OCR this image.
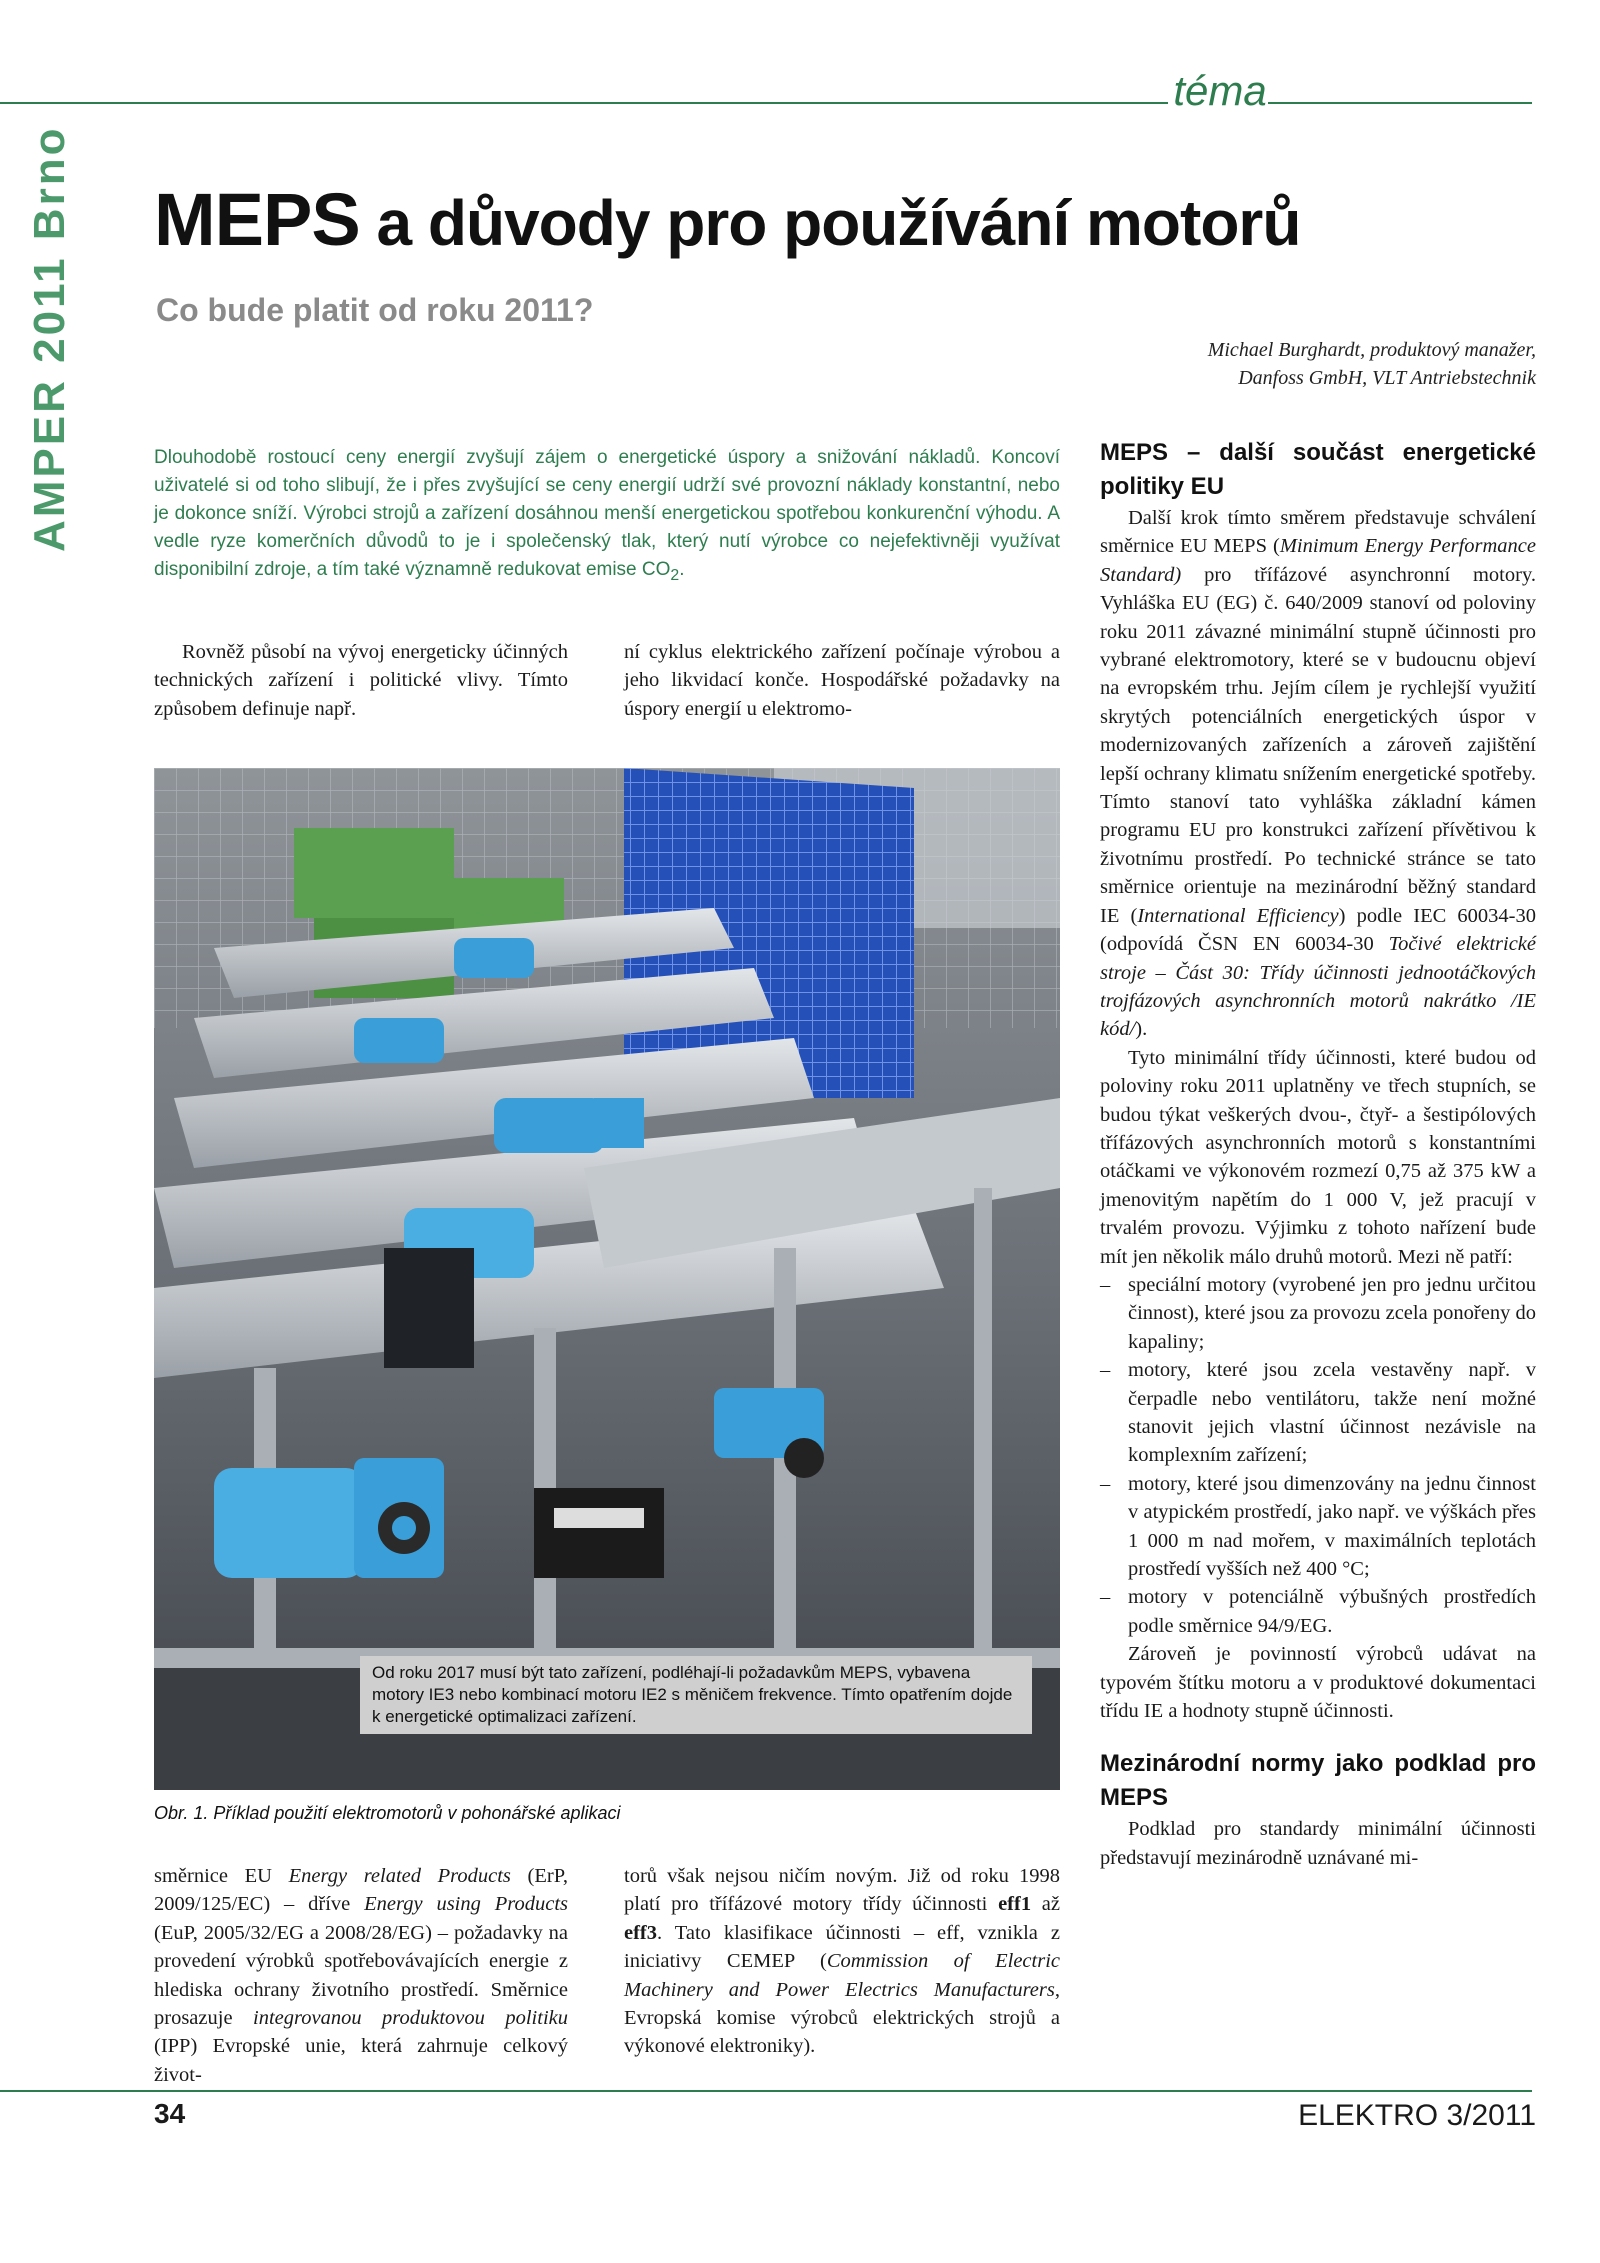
téma
AMPER 2011 Brno MEPS a důvody pro používání motorů
Co bude platit od roku 2011?
Michael Burghardt, produktový manažer,
Danfoss GmbH, VLT Antriebstechnik
Dlouhodobě rostoucí ceny energií zvyšují zájem o energetické úspory a snižování nákladů. Koncoví uživatelé si od toho slibují, že i přes zvyšující se ceny energií udrží své provozní náklady konstantní, nebo je dokonce sníží. Výrobci strojů a zařízení dosáhnou menší energetickou spotřebou konkurenční výhodu. A vedle ryze komerčních důvodů to je i společenský tlak, který nutí výrobce co nejefektivněji využívat disponibilní zdroje, a tím také významně redukovat emise $CO_2$.

Rovněž působí na vývoj energeticky účinných technických zařízení i politické vlivy. Tímto způsobem definuje např.

ní cyklus elektrického zařízení počínaje výrobou a jeho likvidací konče. Hospodářské požadavky na úspory energií u elektromo-

Od roku 2017 musí být tato zařízení, podléhají-li požadavkům MEPS, vybavena motory IE3 nebo kombinací motoru IE2 s měničem frekvence. Tímto opatřením dojde k energetické optimalizaci zařízení.
Obr. 1. Příklad použití elektromotorů v pohonářské aplikaci

směrnice EU Energy related Products (ErP, 2009/125/EC) – dříve Energy using Products (EuP, 2005/32/EG a 2008/28/EG) – požadavky na provedení výrobků spotřebovávajících energie z hlediska ochrany životního prostředí. Směrnice prosazuje integrovanou produktovou politiku (IPP) Evropské unie, která zahrnuje celkový život-

torů však nejsou ničím novým. Již od roku 1998 platí pro třífázové motory třídy účinnosti eff1 až eff3. Tato klasifikace účinnosti – eff, vznikla z iniciativy CEMEP (Commission of Electric Machinery and Power Electrics Manufacturers, Evropská komise výrobců elektrických strojů a výkonové elektroniky).

MEPS – další součást energetické politiky EU

Další krok tímto směrem představuje schválení směrnice EU MEPS (Minimum Energy Performance Standard) pro třífázové asynchronní motory. Vyhláška EU (EG) č. 640/2009 stanoví od poloviny roku 2011 závazné minimální stupně účinnosti pro vybrané elektromotory, které se v budoucnu objeví na evropském trhu. Jejím cílem je rychlejší využití skrytých potenciálních energetických úspor v modernizovaných zařízeních a zároveň zajištění lepší ochrany klimatu snížením energetické spotřeby. Tímto stanoví tato vyhláška základní kámen programu EU pro konstrukci zařízení přívětivou k životnímu prostředí. Po technické stránce se tato směrnice orientuje na mezinárodní běžný standard IE (International Efficiency) podle IEC 60034-30 (odpovídá ČSN EN 60034-30 Točivé elektrické stroje – Část 30: Třídy účinnosti jednootáčkových trojfázových asynchronních motorů nakrátko /IE kód/).

Tyto minimální třídy účinnosti, které budou od poloviny roku 2011 uplatněny ve třech stupních, se budou týkat veškerých dvou-, čtyř- a šestipólových třífázových asynchronních motorů s konstantními otáčkami ve výkonovém rozmezí 0,75 až 375 kW a jmenovitým napětím do 1 000 V, jež pracují v trvalém provozu. Výjimku z tohoto nařízení bude mít jen několik málo druhů motorů. Mezi ně patří:

– speciální motory (vyrobené jen pro jednu určitou činnost), které jsou za provozu zcela ponořeny do kapaliny;
– motory, které jsou zcela vestavěny např. v čerpadle nebo ventilátoru, takže není možné stanovit jejich vlastní účinnost nezávisle na komplexním zařízení;
– motory, které jsou dimenzovány na jednu činnost v atypickém prostředí, jako např. ve výškách přes 1 000 m nad mořem, v maximálních teplotách prostředí vyšších než 400 °C;
– motory v potenciálně výbušných prostředích podle směrnice 94/9/EG.

Zároveň je povinností výrobců udávat na typovém štítku motoru a v produktové dokumentaci třídu IE a hodnoty stupně účinnosti.

Mezinárodní normy jako podklad pro MEPS

Podklad pro standardy minimální účinnosti představují mezinárodně uznávané mi-

34	ELEKTRO 3/2011
